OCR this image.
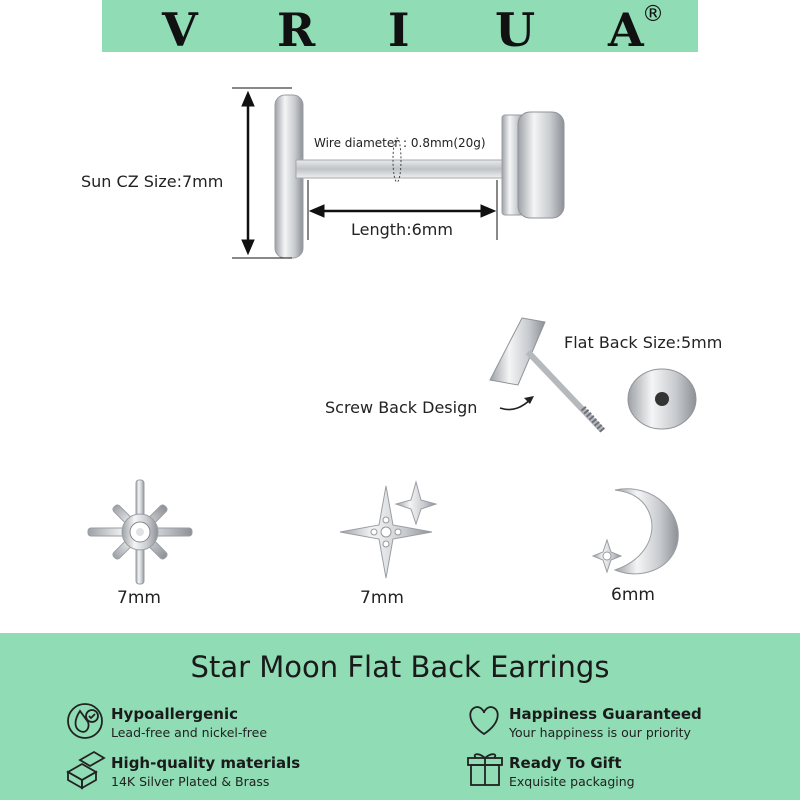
V R I U A
®
Sun CZ Size:7mm
Wire diameter : 0.8mm(20g)
Length:6mm
Flat Back Size:5mm
Screw Back Design
7mm	7mm	6mm
Star Moon Flat Back Earrings
Hypoallergenic
Lead-free and nickel-free
Happiness Guaranteed
Your happiness is our priority
High-quality materials
14K Silver Plated & Brass
Ready To Gift
Exquisite packaging
